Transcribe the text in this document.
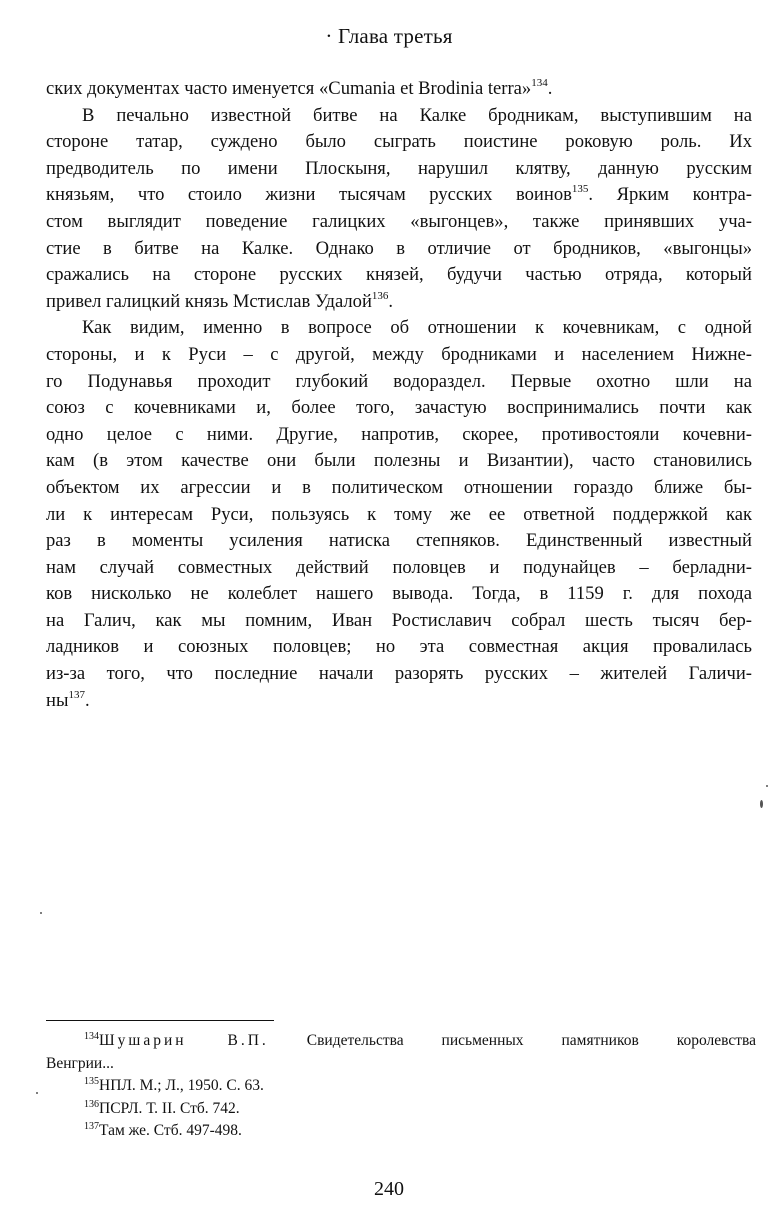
· Глава третья
ских документах часто именуется «Cumania et Brodinia terra»$^{134}$.
В печально известной битве на Калке бродникам, выступившим на
стороне татар, суждено было сыграть поистине роковую роль. Их
предводитель по имени Плоскыня, нарушил клятву, данную русским
князьям, что стоило жизни тысячам русских воинов$^{135}$. Ярким контра-
стом выглядит поведение галицких «выгонцев», также принявших уча-
стие в битве на Калке. Однако в отличие от бродников, «выгонцы»
сражались на стороне русских князей, будучи частью отряда, который
привел галицкий князь Мстислав Удалой$^{136}$.
Как видим, именно в вопросе об отношении к кочевникам, с одной
стороны, и к Руси – с другой, между бродниками и населением Нижне-
го Подунавья проходит глубокий водораздел. Первые охотно шли на
союз с кочевниками и, более того, зачастую воспринимались почти как
одно целое с ними. Другие, напротив, скорее, противостояли кочевни-
кам (в этом качестве они были полезны и Византии), часто становились
объектом их агрессии и в политическом отношении гораздо ближе бы-
ли к интересам Руси, пользуясь к тому же ее ответной поддержкой как
раз в моменты усиления натиска степняков. Единственный известный
нам случай совместных действий половцев и подунайцев – берладни-
ков нисколько не колеблет нашего вывода. Тогда, в 1159 г. для похода
на Галич, как мы помним, Иван Ростиславич собрал шесть тысяч бер-
ладников и союзных половцев; но эта совместная акция провалилась
из-за того, что последние начали разорять русских – жителей Галичи-
$ны^{137}$.
$^{134}$Шушарин В.П. Свидетельства письменных памятников королевства
Венгрии...
$^{135}$НПЛ. М.; Л., 1950. С. 63.
$^{136}$ПСРЛ. Т. II. Стб. 742.
$^{137}$Там же. Стб. 497-498.
240
